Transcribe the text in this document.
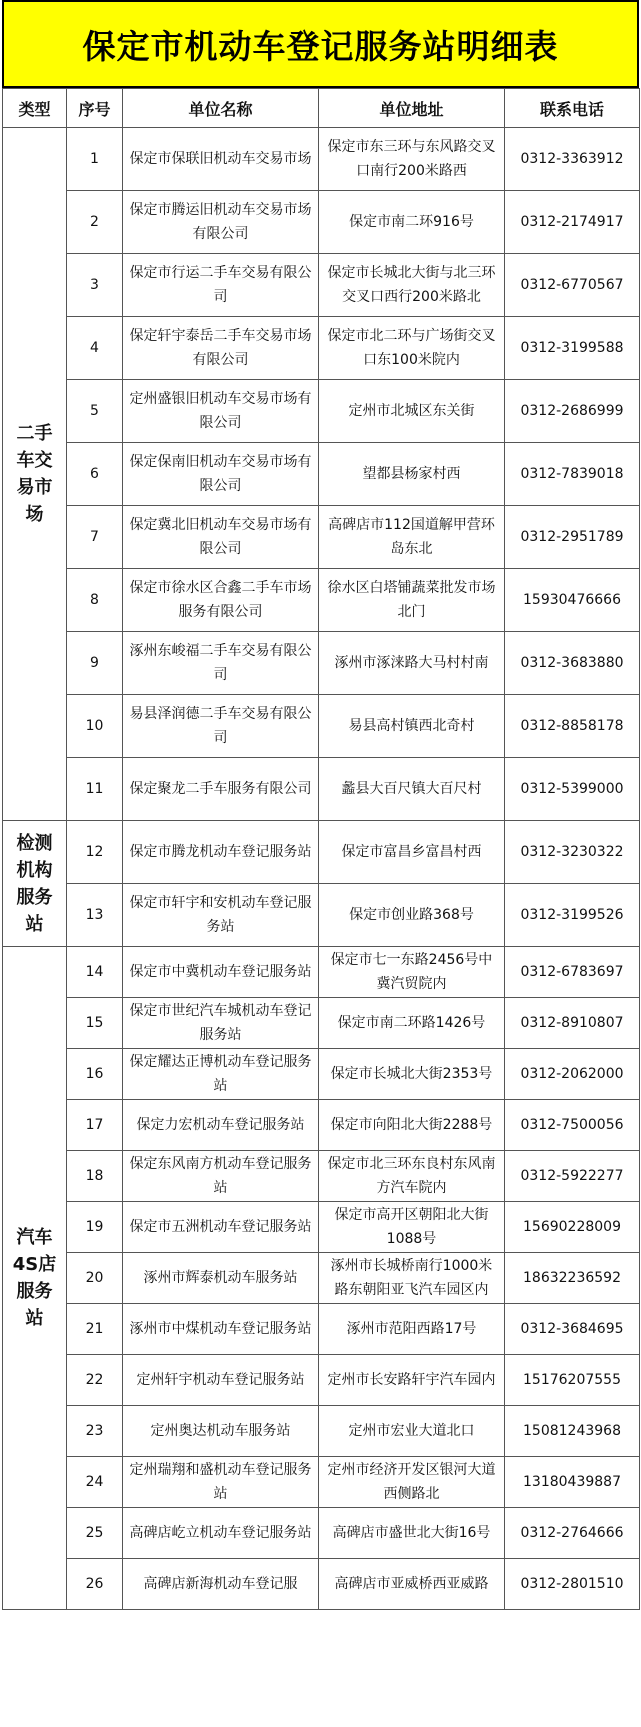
保定市机动车登记服务站明细表
类型	序号	单位名称	单位地址	联系电话
二手车交易市场	1	保定市保联旧机动车交易市场	保定市东三环与东风路交叉口南行200米路西	0312-3363912
	2	保定市腾运旧机动车交易市场有限公司	保定市南二环916号	0312-2174917
	3	保定市行运二手车交易有限公司	保定市长城北大街与北三环交叉口西行200米路北	0312-6770567
	4	保定轩宇泰岳二手车交易市场有限公司	保定市北二环与广场街交叉口东100米院内	0312-3199588
	5	定州盛银旧机动车交易市场有限公司	定州市北城区东关街	0312-2686999
	6	保定保南旧机动车交易市场有限公司	望都县杨家村西	0312-7839018
	7	保定冀北旧机动车交易市场有限公司	高碑店市112国道解甲营环岛东北	0312-2951789
	8	保定市徐水区合鑫二手车市场服务有限公司	徐水区白塔铺蔬菜批发市场北门	15930476666
	9	涿州东峻福二手车交易有限公司	涿州市涿涞路大马村村南	0312-3683880
	10	易县泽润德二手车交易有限公司	易县高村镇西北奇村	0312-8858178
	11	保定聚龙二手车服务有限公司	蠡县大百尺镇大百尺村	0312-5399000
检测机构服务站	12	保定市腾龙机动车登记服务站	保定市富昌乡富昌村西	0312-3230322
	13	保定市轩宇和安机动车登记服务站	保定市创业路368号	0312-3199526
汽车4S店服务站	14	保定市中冀机动车登记服务站	保定市七一东路2456号中冀汽贸院内	0312-6783697
	15	保定市世纪汽车城机动车登记服务站	保定市南二环路1426号	0312-8910807
	16	保定耀达正博机动车登记服务站	保定市长城北大街2353号	0312-2062000
	17	保定力宏机动车登记服务站	保定市向阳北大街2288号	0312-7500056
	18	保定东风南方机动车登记服务站	保定市北三环东良村东风南方汽车院内	0312-5922277
	19	保定市五洲机动车登记服务站	保定市高开区朝阳北大街1088号	15690228009
	20	涿州市辉泰机动车服务站	涿州市长城桥南行1000米路东朝阳亚飞汽车园区内	18632236592
	21	涿州市中煤机动车登记服务站	涿州市范阳西路17号	0312-3684695
	22	定州轩宇机动车登记服务站	定州市长安路轩宇汽车园内	15176207555
	23	定州奥达机动车服务站	定州市宏业大道北口	15081243968
	24	定州瑞翔和盛机动车登记服务站	定州市经济开发区银河大道西侧路北	13180439887
	25	高碑店屹立机动车登记服务站	高碑店市盛世北大街16号	0312-2764666
	26	高碑店新海机动车登记服	高碑店市亚威桥西亚威路	0312-2801510
